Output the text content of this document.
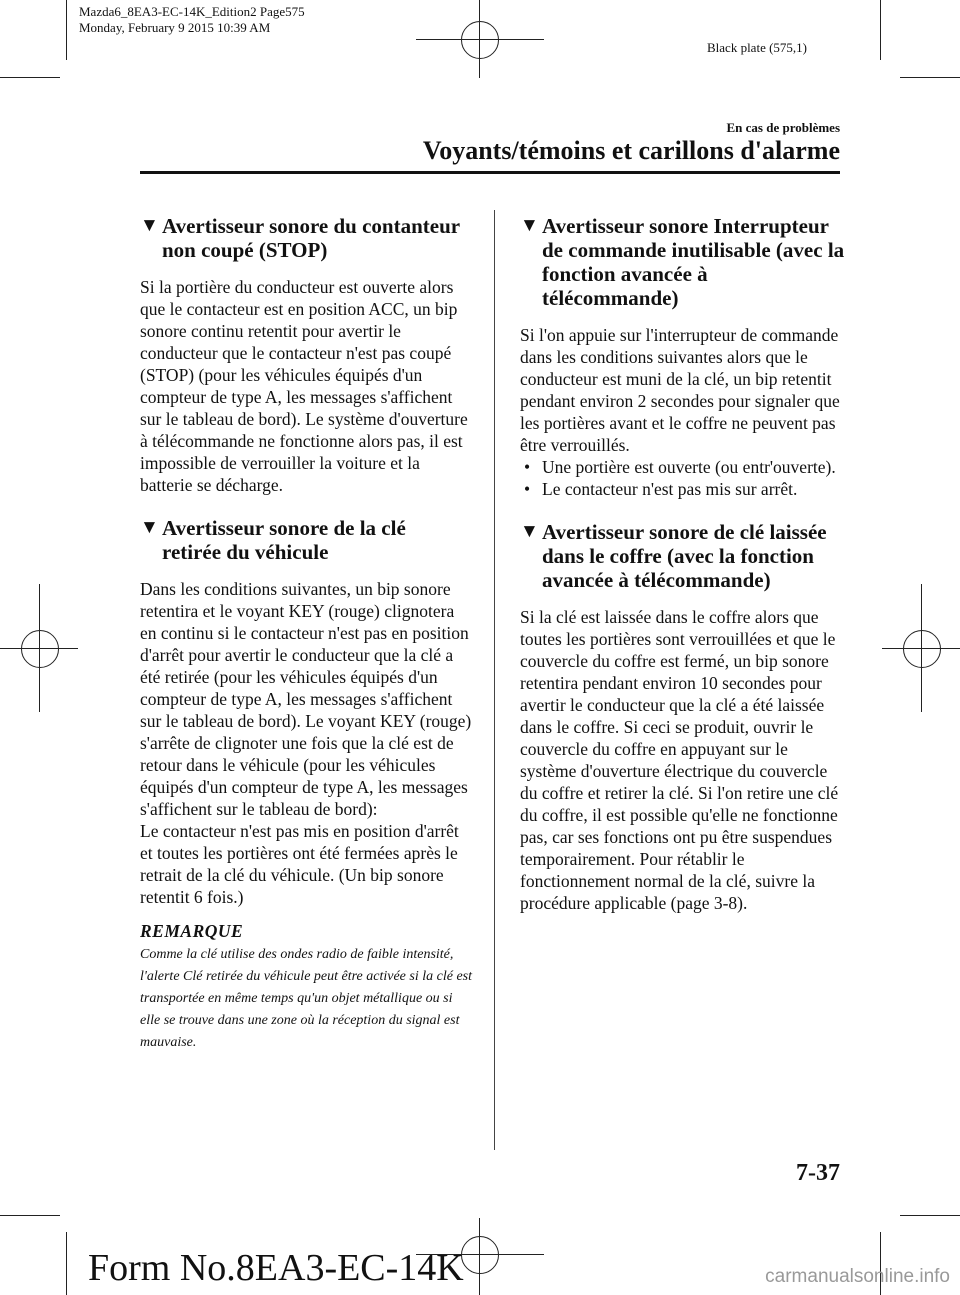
Mazda6_8EA3-EC-14K_Edition2 Page575
Monday, February 9 2015 10:39 AM
Black plate (575,1)
En cas de problèmes
Voyants/témoins et carillons d'alarme
▼ Avertisseur sonore du contanteur
non coupé (STOP)
Si la portière du conducteur est ouverte alors que le contacteur est en position ACC, un bip sonore continu retentit pour avertir le conducteur que le contacteur n'est pas coupé (STOP) (pour les véhicules équipés d'un compteur de type A, les messages s'affichent sur le tableau de bord). Le système d'ouverture à télécommande ne fonctionne alors pas, il est impossible de verrouiller la voiture et la batterie se décharge.
▼ Avertisseur sonore de la clé
retirée du véhicule
Dans les conditions suivantes, un bip sonore retentira et le voyant KEY (rouge) clignotera en continu si le contacteur n'est pas en position d'arrêt pour avertir le conducteur que la clé a été retirée (pour les véhicules équipés d'un compteur de type A, les messages s'affichent sur le tableau de bord). Le voyant KEY (rouge) s'arrête de clignoter une fois que la clé est de retour dans le véhicule (pour les véhicules équipés d'un compteur de type A, les messages s'affichent sur le tableau de bord):
Le contacteur n'est pas mis en position d'arrêt et toutes les portières ont été fermées après le retrait de la clé du véhicule. (Un bip sonore retentit 6 fois.)
REMARQUE
Comme la clé utilise des ondes radio de faible intensité, l'alerte Clé retirée du véhicule peut être activée si la clé est transportée en même temps qu'un objet métallique ou si elle se trouve dans une zone où la réception du signal est mauvaise.
▼ Avertisseur sonore Interrupteur
de commande inutilisable (avec la
fonction avancée à télécommande)
Si l'on appuie sur l'interrupteur de commande dans les conditions suivantes alors que le conducteur est muni de la clé, un bip retentit pendant environ 2 secondes pour signaler que les portières avant et le coffre ne peuvent pas être verrouillés.
• Une portière est ouverte (ou entr'ouverte).
• Le contacteur n'est pas mis sur arrêt.
▼ Avertisseur sonore de clé laissée
dans le coffre (avec la fonction
avancée à télécommande)
Si la clé est laissée dans le coffre alors que toutes les portières sont verrouillées et que le couvercle du coffre est fermé, un bip sonore retentira pendant environ 10 secondes pour avertir le conducteur que la clé a été laissée dans le coffre. Si ceci se produit, ouvrir le couvercle du coffre en appuyant sur le système d'ouverture électrique du couvercle du coffre et retirer la clé. Si l'on retire une clé du coffre, il est possible qu'elle ne fonctionne pas, car ses fonctions ont pu être suspendues temporairement. Pour rétablir le fonctionnement normal de la clé, suivre la procédure applicable (page 3-8).
7-37
Form No.8EA3-EC-14K	carmanualsonline.info
